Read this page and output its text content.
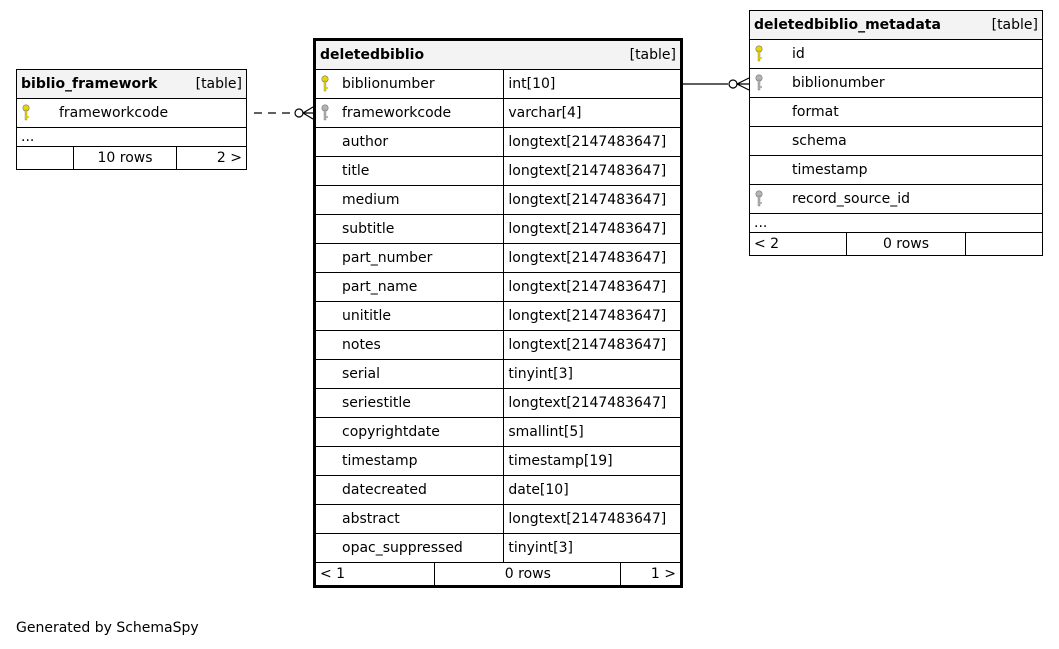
biblio_framework	[table]

frameworkcode
...
	10 rows	2 >
deletedbiblio [table]			

biblionumber		int[10]	
frameworkcode		varchar[4]	
author		longtext[2147483647]	
title		longtext[2147483647]	
medium		longtext[2147483647]	
subtitle		longtext[2147483647]	
part_number		longtext[2147483647]	
part_name		longtext[2147483647]	
unititle		longtext[2147483647]	
notes		longtext[2147483647]	
serial		tinyint[3]	
seriestitle		longtext[2147483647]	
copyrightdate		smallint[5]	
timestamp		timestamp[19]	
datecreated		date[10]	
abstract		longtext[2147483647]	
opac_suppressed		tinyint[3]	
< 1	0 rows		1 >
deletedbiblio_metadata	[table]

id
biblionumber
format
schema
timestamp
record_source_id
...
< 2	0 rows	
Generated by SchemaSpy
